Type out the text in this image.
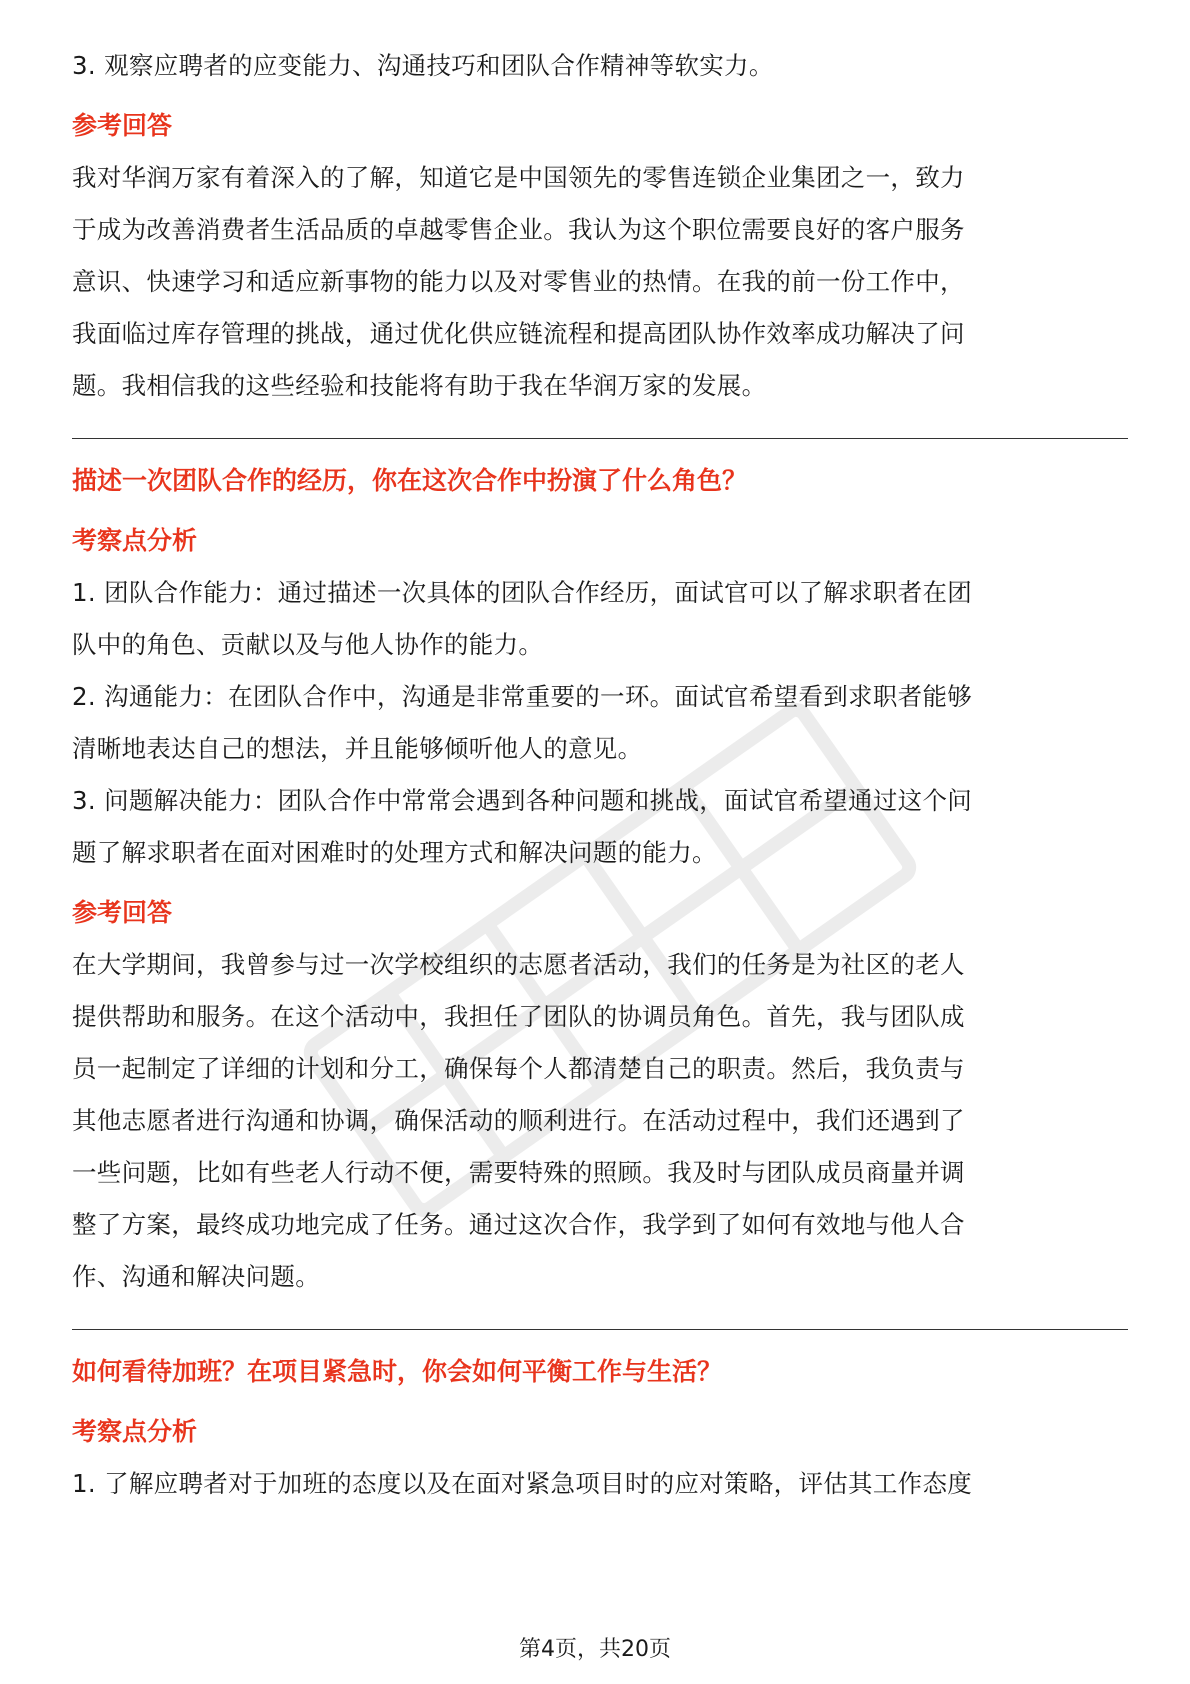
3. 观察应聘者的应变能力、沟通技巧和团队合作精神等软实力。

参考回答

我对华润万家有着深入的了解，知道它是中国领先的零售连锁企业集团之一，致力

于成为改善消费者生活品质的卓越零售企业。我认为这个职位需要良好的客户服务

意识、快速学习和适应新事物的能力以及对零售业的热情。在我的前一份工作中，

我面临过库存管理的挑战，通过优化供应链流程和提高团队协作效率成功解决了问

题。我相信我的这些经验和技能将有助于我在华润万家的发展。

描述一次团队合作的经历，你在这次合作中扮演了什么角色？

考察点分析

1. 团队合作能力：通过描述一次具体的团队合作经历，面试官可以了解求职者在团

队中的角色、贡献以及与他人协作的能力。

2. 沟通能力：在团队合作中，沟通是非常重要的一环。面试官希望看到求职者能够

清晰地表达自己的想法，并且能够倾听他人的意见。

3. 问题解决能力：团队合作中常常会遇到各种问题和挑战，面试官希望通过这个问

题了解求职者在面对困难时的处理方式和解决问题的能力。

参考回答

在大学期间，我曾参与过一次学校组织的志愿者活动，我们的任务是为社区的老人

提供帮助和服务。在这个活动中，我担任了团队的协调员角色。首先，我与团队成

员一起制定了详细的计划和分工，确保每个人都清楚自己的职责。然后，我负责与

其他志愿者进行沟通和协调，确保活动的顺利进行。在活动过程中，我们还遇到了

一些问题，比如有些老人行动不便，需要特殊的照顾。我及时与团队成员商量并调

整了方案，最终成功地完成了任务。通过这次合作，我学到了如何有效地与他人合

作、沟通和解决问题。

如何看待加班？在项目紧急时，你会如何平衡工作与生活？

考察点分析

1. 了解应聘者对于加班的态度以及在面对紧急项目时的应对策略，评估其工作态度

第4页，共20页
